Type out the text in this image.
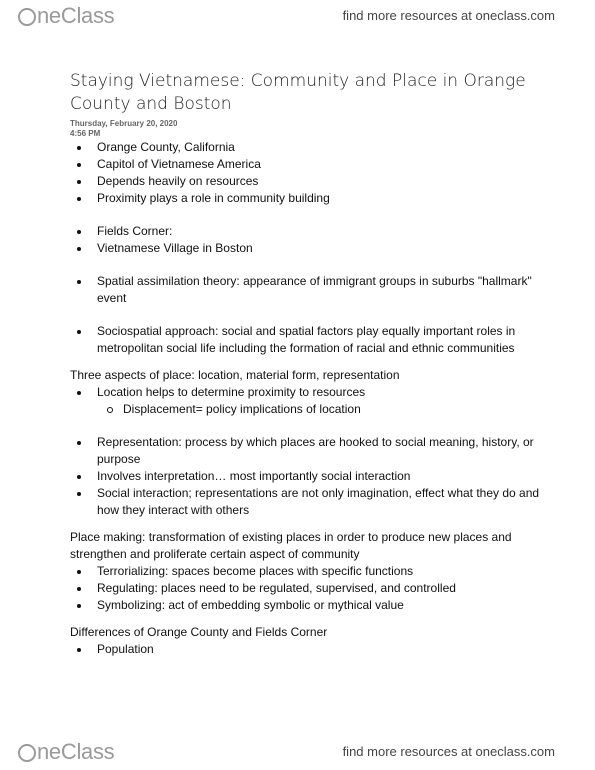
neClass	find more resources at oneclass.com
Staying Vietnamese: Community and Place in Orange County and Boston
Thursday, February 20, 2020
4:56 PM
Orange County, California
Capitol of Vietnamese America
Depends heavily on resources
Proximity plays a role in community building
Fields Corner:
Vietnamese Village in Boston
Spatial assimilation theory: appearance of immigrant groups in suburbs "hallmark" event
Sociospatial approach: social and spatial factors play equally important roles in metropolitan social life including the formation of racial and ethnic communities
Three aspects of place: location, material form, representation
Location helps to determine proximity to resources
Displacement= policy implications of location
Representation: process by which places are hooked to social meaning, history, or purpose
Involves interpretation… most importantly social interaction
Social interaction; representations are not only imagination, effect what they do and how they interact with others
Place making: transformation of existing places in order to produce new places and strengthen and proliferate certain aspect of community
Terrorializing: spaces become places with specific functions
Regulating: places need to be regulated, supervised, and controlled
Symbolizing: act of embedding symbolic or mythical value
Differences of Orange County and Fields Corner
Population
neClass	find more resources at oneclass.com
